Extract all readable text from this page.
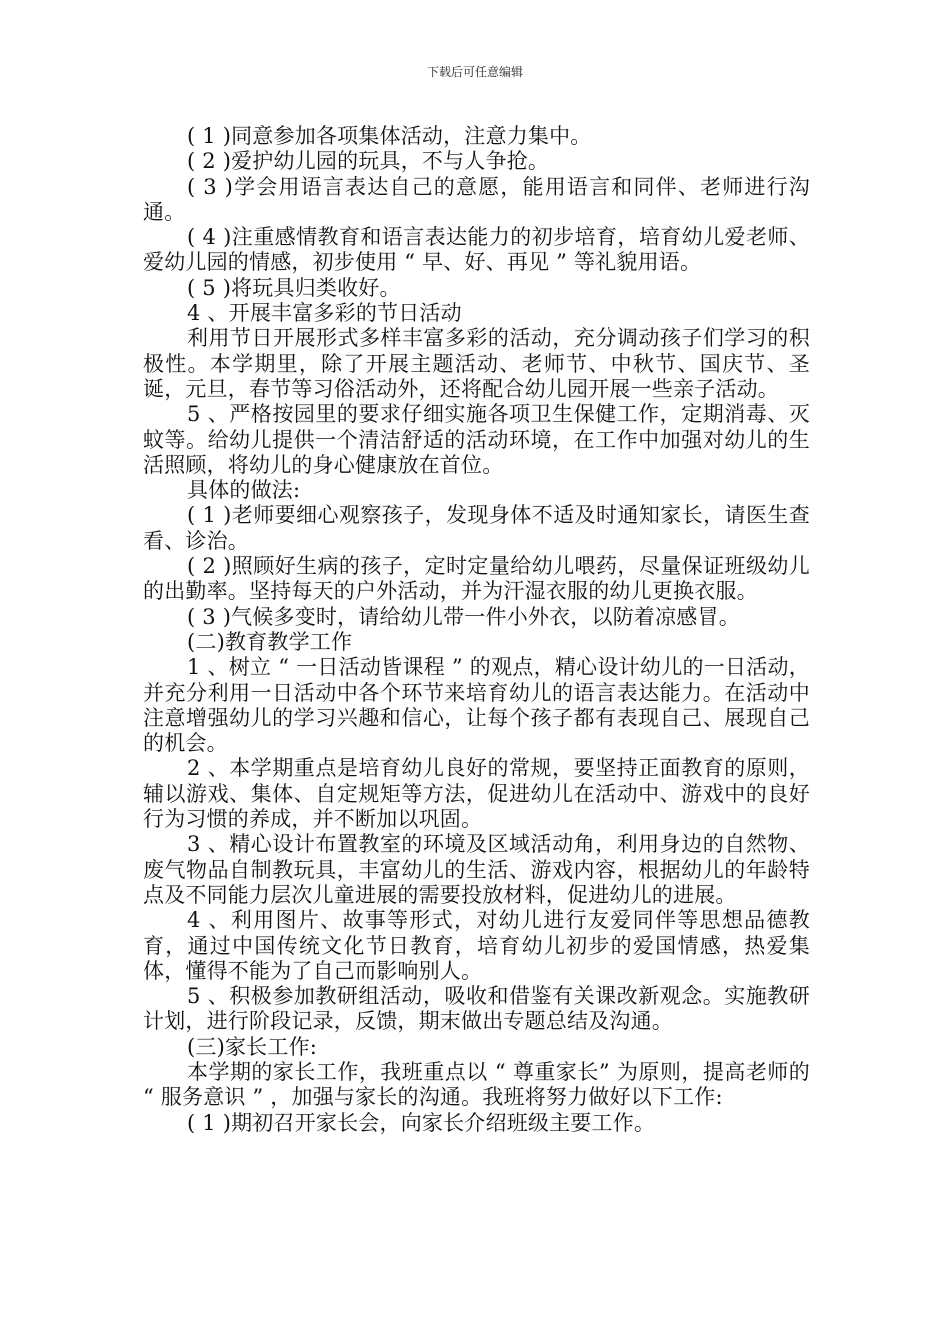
下载后可任意编辑

( 1 )同意参加各项集体活动，注意力集中。

( 2 )爱护幼儿园的玩具，不与人争抢。

( 3 )学会用语言表达自己的意愿，能用语言和同伴、老师进行沟通。

( 4 )注重感情教育和语言表达能力的初步培育，培育幼儿爱老师、爱幼儿园的情感，初步使用 “ 早、好、再见 ” 等礼貌用语。

( 5 )将玩具归类收好。

4 、开展丰富多彩的节日活动

利用节日开展形式多样丰富多彩的活动，充分调动孩子们学习的积极性。本学期里，除了开展主题活动、老师节、中秋节、国庆节、圣诞，元旦，春节等习俗活动外，还将配合幼儿园开展一些亲子活动。

5 、严格按园里的要求仔细实施各项卫生保健工作，定期消毒、灭蚊等。给幼儿提供一个清洁舒适的活动环境，在工作中加强对幼儿的生活照顾，将幼儿的身心健康放在首位。

具体的做法:

( 1 )老师要细心观察孩子，发现身体不适及时通知家长，请医生查看、诊治。

( 2 )照顾好生病的孩子，定时定量给幼儿喂药，尽量保证班级幼儿的出勤率。坚持每天的户外活动，并为汗湿衣服的幼儿更换衣服。

( 3 )气候多变时，请给幼儿带一件小外衣，以防着凉感冒。

(二)教育教学工作

1 、树立 “ 一日活动皆课程 ” 的观点，精心设计幼儿的一日活动，并充分利用一日活动中各个环节来培育幼儿的语言表达能力。在活动中注意增强幼儿的学习兴趣和信心，让每个孩子都有表现自己、展现自己的机会。

2 、本学期重点是培育幼儿良好的常规，要坚持正面教育的原则，辅以游戏、集体、自定规矩等方法，促进幼儿在活动中、游戏中的良好行为习惯的养成，并不断加以巩固。

3 、精心设计布置教室的环境及区域活动角，利用身边的自然物、废气物品自制教玩具，丰富幼儿的生活、游戏内容，根据幼儿的年龄特点及不同能力层次儿童进展的需要投放材料，促进幼儿的进展。

4 、利用图片、故事等形式，对幼儿进行友爱同伴等思想品德教育，通过中国传统文化节日教育，培育幼儿初步的爱国情感，热爱集体，懂得不能为了自己而影响别人。

5 、积极参加教研组活动，吸收和借鉴有关课改新观念。实施教研计划，进行阶段记录，反馈，期末做出专题总结及沟通。

(三)家长工作:

本学期的家长工作，我班重点以 “ 尊重家长” 为原则，提高老师的 “ 服务意识 ” ，加强与家长的沟通。我班将努力做好以下工作:

( 1 )期初召开家长会，向家长介绍班级主要工作。
